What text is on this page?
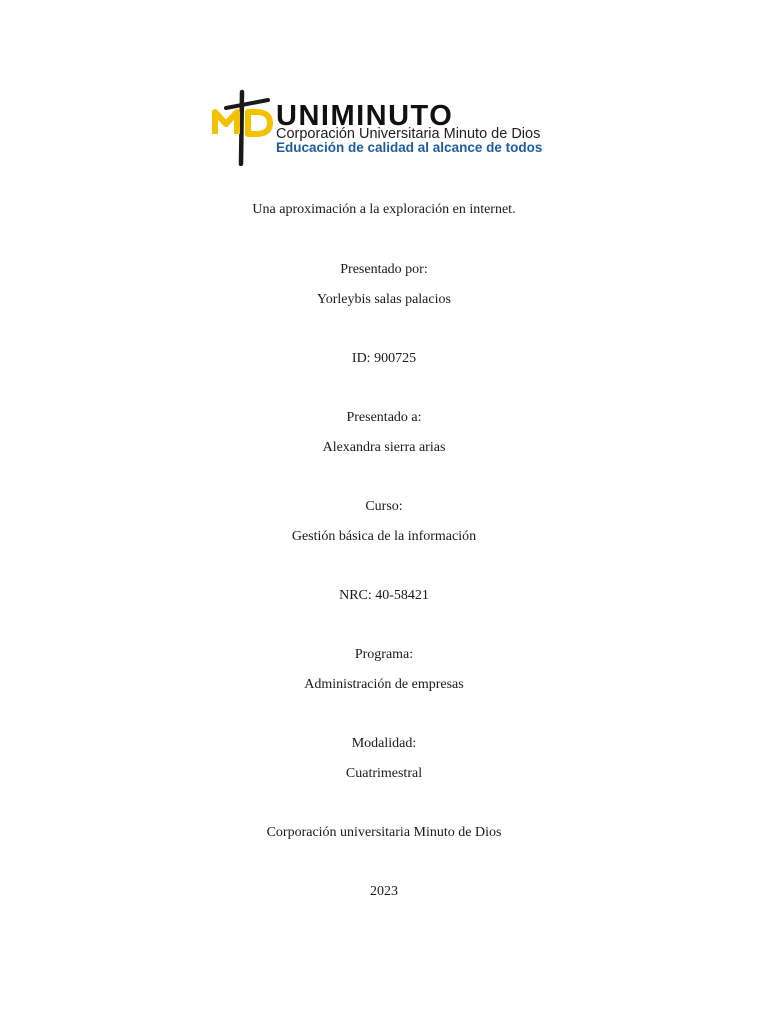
UNIMINUTO
Corporación Universitaria Minuto de Dios
Educación de calidad al alcance de todos
Una aproximación a la exploración en internet.
Presentado por:
Yorleybis salas palacios
ID: 900725
Presentado a:
Alexandra sierra arias
Curso:
Gestión básica de la información
NRC: 40-58421
Programa:
Administración de empresas
Modalidad:
Cuatrimestral
Corporación universitaria Minuto de Dios
2023
